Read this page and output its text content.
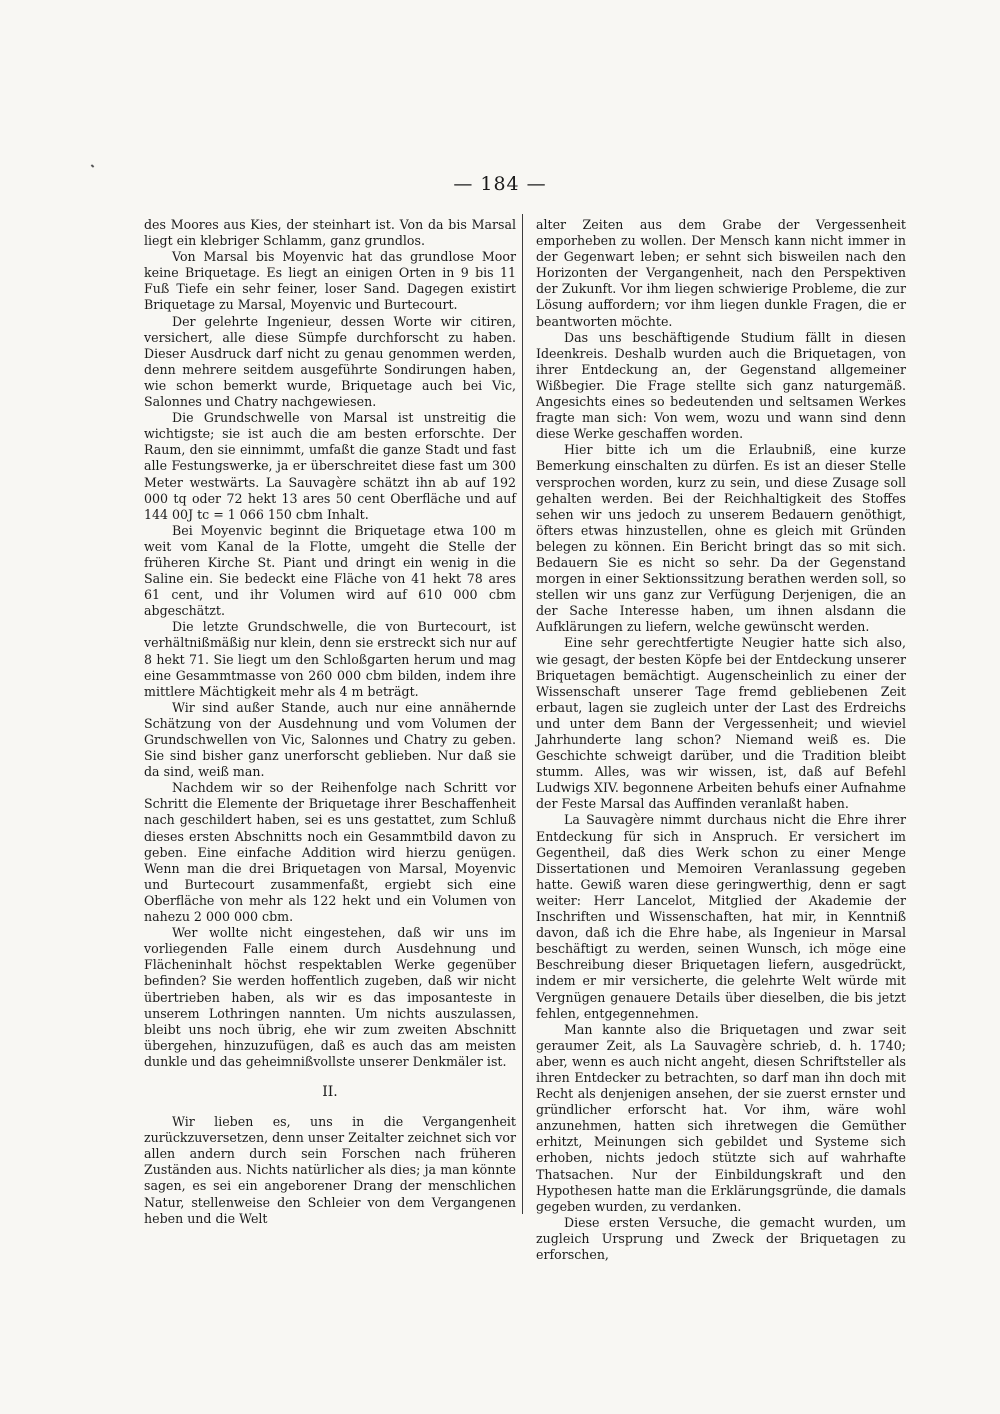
— 184 —

des Moores aus Kies, der steinhart ist. Von da bis Marsal liegt ein klebriger Schlamm, ganz grundlos.

Von Marsal bis Moyenvic hat das grundlose Moor keine Briquetage. Es liegt an einigen Orten in 9 bis 11 Fuß Tiefe ein sehr feiner, loser Sand. Dagegen existirt Briquetage zu Marsal, Moyenvic und Burtecourt.

Der gelehrte Ingenieur, dessen Worte wir citiren, versichert, alle diese Sümpfe durchforscht zu haben. Dieser Ausdruck darf nicht zu genau genommen werden, denn mehrere seitdem ausgeführte Sondirungen haben, wie schon bemerkt wurde, Briquetage auch bei Vic, Salonnes und Chatry nachgewiesen.

Die Grundschwelle von Marsal ist unstreitig die wichtigste; sie ist auch die am besten erforschte. Der Raum, den sie einnimmt, umfaßt die ganze Stadt und fast alle Festungswerke, ja er überschreitet diese fast um 300 Meter westwärts. La Sauvagère schätzt ihn ab auf 192 000 tq oder 72 hekt 13 ares 50 cent Oberfläche und auf 144 00J tc = 1 066 150 cbm Inhalt.

Bei Moyenvic beginnt die Briquetage etwa 100 m weit vom Kanal de la Flotte, umgeht die Stelle der früheren Kirche St. Piant und dringt ein wenig in die Saline ein. Sie bedeckt eine Fläche von 41 hekt 78 ares 61 cent, und ihr Volumen wird auf 610 000 cbm abgeschätzt.

Die letzte Grundschwelle, die von Burtecourt, ist verhältnißmäßig nur klein, denn sie erstreckt sich nur auf 8 hekt 71. Sie liegt um den Schloßgarten herum und mag eine Gesammtmasse von 260 000 cbm bilden, indem ihre mittlere Mächtigkeit mehr als 4 m beträgt.

Wir sind außer Stande, auch nur eine annähernde Schätzung von der Ausdehnung und vom Volumen der Grundschwellen von Vic, Salonnes und Chatry zu geben. Sie sind bisher ganz unerforscht geblieben. Nur daß sie da sind, weiß man.

Nachdem wir so der Reihenfolge nach Schritt vor Schritt die Elemente der Briquetage ihrer Beschaffenheit nach geschildert haben, sei es uns gestattet, zum Schluß dieses ersten Abschnitts noch ein Gesammtbild davon zu geben. Eine einfache Addition wird hierzu genügen. Wenn man die drei Briquetagen von Marsal, Moyenvic und Burtecourt zusammenfaßt, ergiebt sich eine Oberfläche von mehr als 122 hekt und ein Volumen von nahezu 2 000 000 cbm.

Wer wollte nicht eingestehen, daß wir uns im vorliegenden Falle einem durch Ausdehnung und Flächeninhalt höchst respektablen Werke gegenüber befinden? Sie werden hoffentlich zugeben, daß wir nicht übertrieben haben, als wir es das imposanteste in unserem Lothringen nannten. Um nichts auszulassen, bleibt uns noch übrig, ehe wir zum zweiten Abschnitt übergehen, hinzuzufügen, daß es auch das am meisten dunkle und das geheimnißvollste unserer Denkmäler ist.

II.

Wir lieben es, uns in die Vergangenheit zurückzuversetzen, denn unser Zeitalter zeichnet sich vor allen andern durch sein Forschen nach früheren Zuständen aus. Nichts natürlicher als dies; ja man könnte sagen, es sei ein angeborener Drang der menschlichen Natur, stellenweise den Schleier von dem Vergangenen heben und die Welt

alter Zeiten aus dem Grabe der Vergessenheit emporheben zu wollen. Der Mensch kann nicht immer in der Gegenwart leben; er sehnt sich bisweilen nach den Horizonten der Vergangenheit, nach den Perspektiven der Zukunft. Vor ihm liegen schwierige Probleme, die zur Lösung auffordern; vor ihm liegen dunkle Fragen, die er beantworten möchte.

Das uns beschäftigende Studium fällt in diesen Ideenkreis. Deshalb wurden auch die Briquetagen, von ihrer Entdeckung an, der Gegenstand allgemeiner Wißbegier. Die Frage stellte sich ganz naturgemäß. Angesichts eines so bedeutenden und seltsamen Werkes fragte man sich: Von wem, wozu und wann sind denn diese Werke geschaffen worden.

Hier bitte ich um die Erlaubniß, eine kurze Bemerkung einschalten zu dürfen. Es ist an dieser Stelle versprochen worden, kurz zu sein, und diese Zusage soll gehalten werden. Bei der Reichhaltigkeit des Stoffes sehen wir uns jedoch zu unserem Bedauern genöthigt, öfters etwas hinzustellen, ohne es gleich mit Gründen belegen zu können. Ein Bericht bringt das so mit sich. Bedauern Sie es nicht so sehr. Da der Gegenstand morgen in einer Sektionssitzung berathen werden soll, so stellen wir uns ganz zur Verfügung Derjenigen, die an der Sache Interesse haben, um ihnen alsdann die Aufklärungen zu liefern, welche gewünscht werden.

Eine sehr gerechtfertigte Neugier hatte sich also, wie gesagt, der besten Köpfe bei der Entdeckung unserer Briquetagen bemächtigt. Augenscheinlich zu einer der Wissenschaft unserer Tage fremd gebliebenen Zeit erbaut, lagen sie zugleich unter der Last des Erdreichs und unter dem Bann der Vergessenheit; und wieviel Jahrhunderte lang schon? Niemand weiß es. Die Geschichte schweigt darüber, und die Tradition bleibt stumm. Alles, was wir wissen, ist, daß auf Befehl Ludwigs XIV. begonnene Arbeiten behufs einer Aufnahme der Feste Marsal das Auffinden veranlaßt haben.

La Sauvagère nimmt durchaus nicht die Ehre ihrer Entdeckung für sich in Anspruch. Er versichert im Gegentheil, daß dies Werk schon zu einer Menge Dissertationen und Memoiren Veranlassung gegeben hatte. Gewiß waren diese geringwerthig, denn er sagt weiter: Herr Lancelot, Mitglied der Akademie der Inschriften und Wissenschaften, hat mir, in Kenntniß davon, daß ich die Ehre habe, als Ingenieur in Marsal beschäftigt zu werden, seinen Wunsch, ich möge eine Beschreibung dieser Briquetagen liefern, ausgedrückt, indem er mir versicherte, die gelehrte Welt würde mit Vergnügen genauere Details über dieselben, die bis jetzt fehlen, entgegennehmen.

Man kannte also die Briquetagen und zwar seit geraumer Zeit, als La Sauvagère schrieb, d. h. 1740; aber, wenn es auch nicht angeht, diesen Schriftsteller als ihren Entdecker zu betrachten, so darf man ihn doch mit Recht als denjenigen ansehen, der sie zuerst ernster und gründlicher erforscht hat. Vor ihm, wäre wohl anzunehmen, hatten sich ihretwegen die Gemüther erhitzt, Meinungen sich gebildet und Systeme sich erhoben, nichts jedoch stützte sich auf wahrhafte Thatsachen. Nur der Einbildungskraft und den Hypothesen hatte man die Erklärungsgründe, die damals gegeben wurden, zu verdanken.

Diese ersten Versuche, die gemacht wurden, um zugleich Ursprung und Zweck der Briquetagen zu erforschen,
